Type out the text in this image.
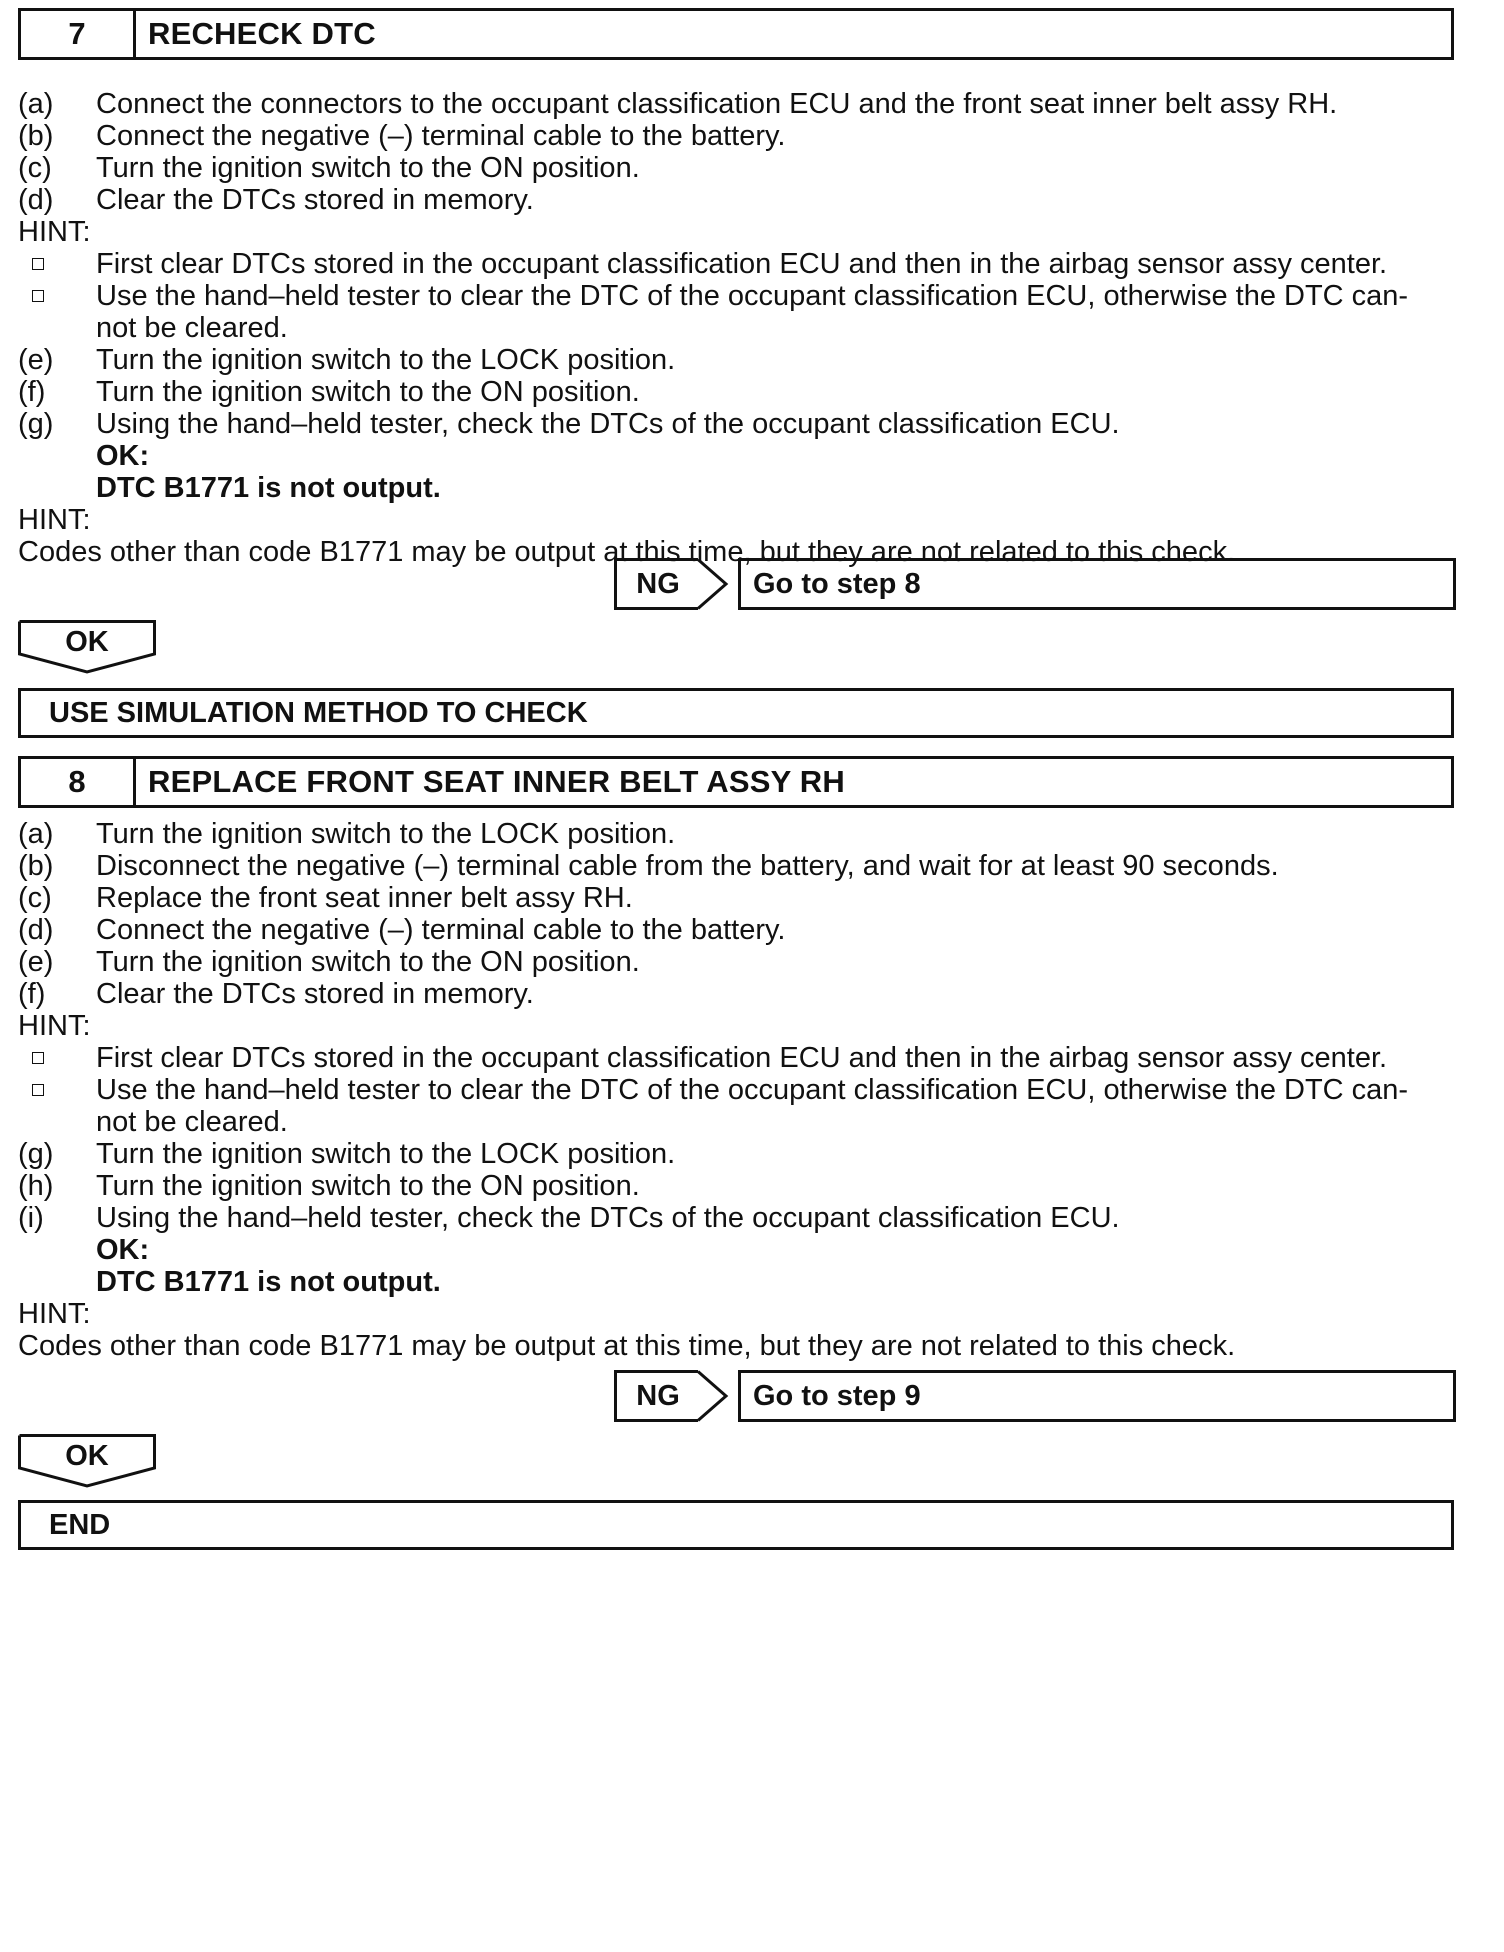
7	RECHECK DTC
(a) Connect the connectors to the occupant classification ECU and the front seat inner belt assy RH.
(b) Connect the negative (–) terminal cable to the battery.
(c) Turn the ignition switch to the ON position.
(d) Clear the DTCs stored in memory.
HINT:
First clear DTCs stored in the occupant classification ECU and then in the airbag sensor assy center.
Use the hand–held tester to clear the DTC of the occupant classification ECU, otherwise the DTC can-
not be cleared.
(e) Turn the ignition switch to the LOCK position.
(f) Turn the ignition switch to the ON position.
(g) Using the hand–held tester, check the DTCs of the occupant classification ECU.
OK:
DTC B1771 is not output.
HINT:
Codes other than code B1771 may be output at this time, but they are not related to this check.
NG	Go to step 8
OK
USE SIMULATION METHOD TO CHECK
8	REPLACE FRONT SEAT INNER BELT ASSY RH
(a) Turn the ignition switch to the LOCK position.
(b) Disconnect the negative (–) terminal cable from the battery, and wait for at least 90 seconds.
(c) Replace the front seat inner belt assy RH.
(d) Connect the negative (–) terminal cable to the battery.
(e) Turn the ignition switch to the ON position.
(f) Clear the DTCs stored in memory.
HINT:
First clear DTCs stored in the occupant classification ECU and then in the airbag sensor assy center.
Use the hand–held tester to clear the DTC of the occupant classification ECU, otherwise the DTC can-
not be cleared.
(g) Turn the ignition switch to the LOCK position.
(h) Turn the ignition switch to the ON position.
(i) Using the hand–held tester, check the DTCs of the occupant classification ECU.
OK:
DTC B1771 is not output.
HINT:
Codes other than code B1771 may be output at this time, but they are not related to this check.
NG	Go to step 9
OK
END
